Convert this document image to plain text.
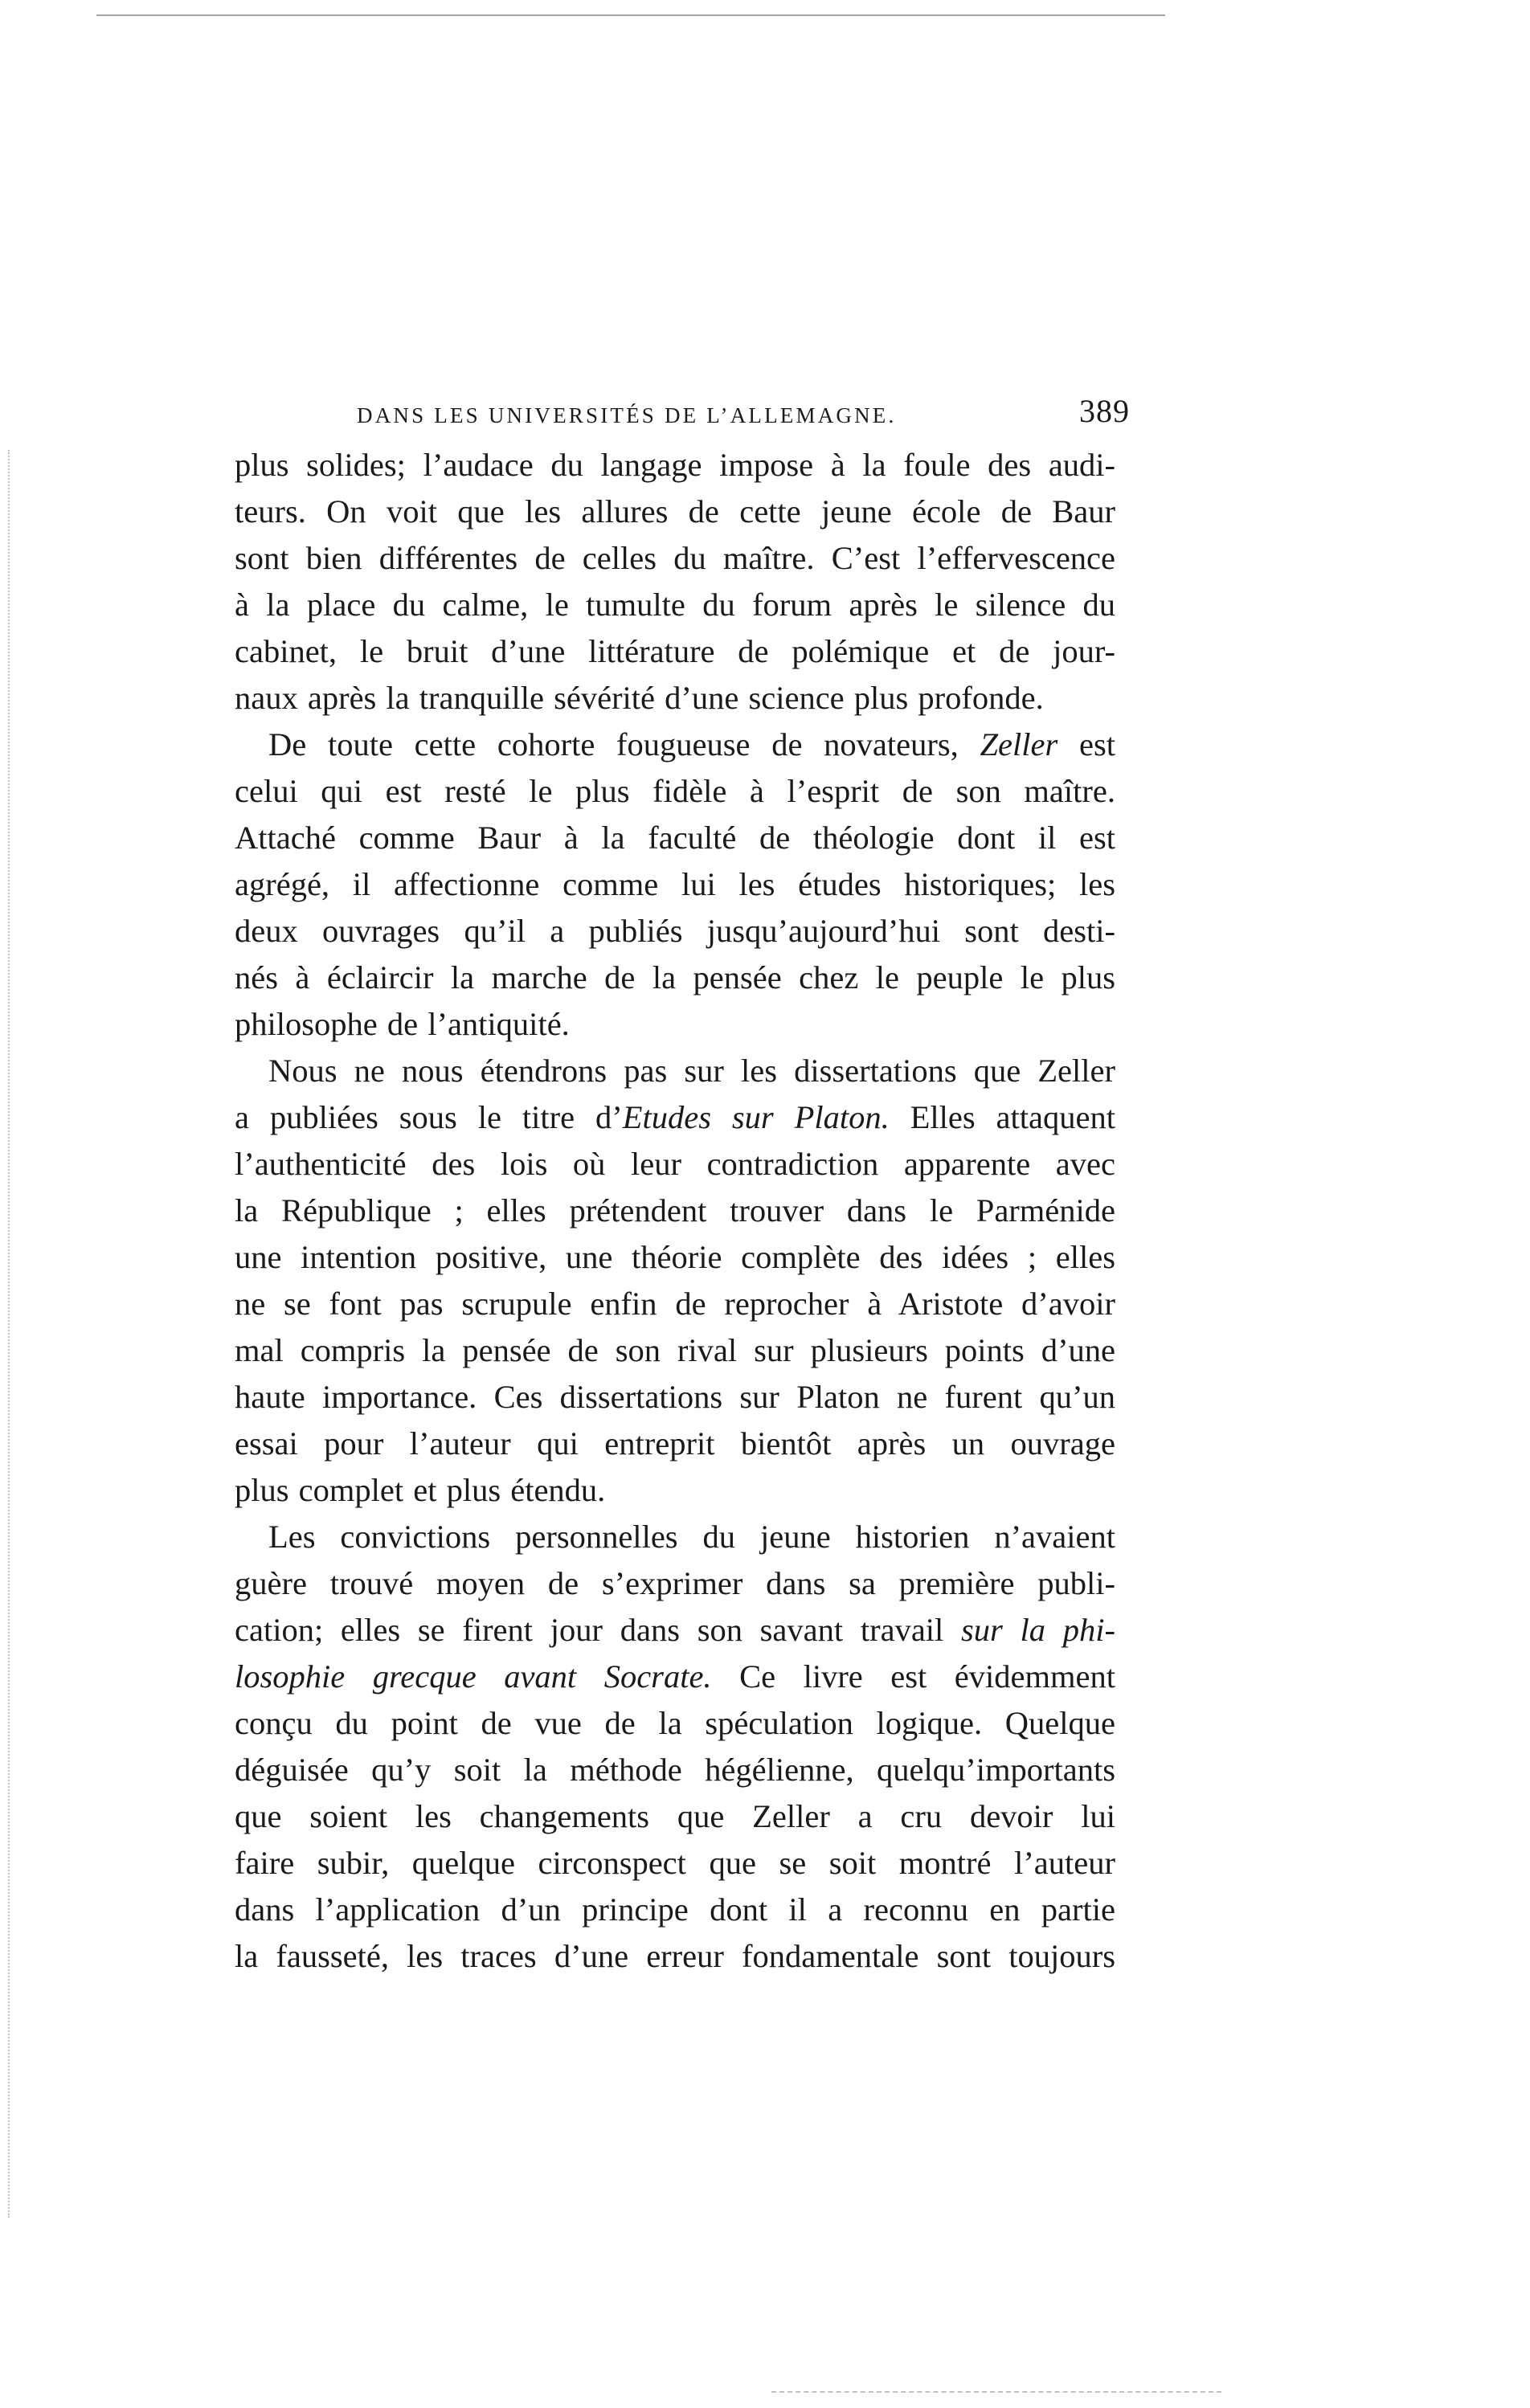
DANS LES UNIVERSITÉS DE L’ALLEMAGNE.	389
plus solides; l’audace du langage impose à la foule des audi-
teurs. On voit que les allures de cette jeune école de Baur
sont bien différentes de celles du maître. C’est l’effervescence
à la place du calme, le tumulte du forum après le silence du
cabinet, le bruit d’une littérature de polémique et de jour-
naux après la tranquille sévérité d’une science plus profonde.
De toute cette cohorte fougueuse de novateurs, Zeller est
celui qui est resté le plus fidèle à l’esprit de son maître.
Attaché comme Baur à la faculté de théologie dont il est
agrégé, il affectionne comme lui les études historiques; les
deux ouvrages qu’il a publiés jusqu’aujourd’hui sont desti-
nés à éclaircir la marche de la pensée chez le peuple le plus
philosophe de l’antiquité.
Nous ne nous étendrons pas sur les dissertations que Zeller
a publiées sous le titre d’Etudes sur Platon. Elles attaquent
l’authenticité des lois où leur contradiction apparente avec
la République ; elles prétendent trouver dans le Parménide
une intention positive, une théorie complète des idées ; elles
ne se font pas scrupule enfin de reprocher à Aristote d’avoir
mal compris la pensée de son rival sur plusieurs points d’une
haute importance. Ces dissertations sur Platon ne furent qu’un
essai pour l’auteur qui entreprit bientôt après un ouvrage
plus complet et plus étendu.
Les convictions personnelles du jeune historien n’avaient
guère trouvé moyen de s’exprimer dans sa première publi-
cation; elles se firent jour dans son savant travail sur la phi-
losophie grecque avant Socrate. Ce livre est évidemment
conçu du point de vue de la spéculation logique. Quelque
déguisée qu’y soit la méthode hégélienne, quelqu’importants
que soient les changements que Zeller a cru devoir lui
faire subir, quelque circonspect que se soit montré l’auteur
dans l’application d’un principe dont il a reconnu en partie
la fausseté, les traces d’une erreur fondamentale sont toujours
